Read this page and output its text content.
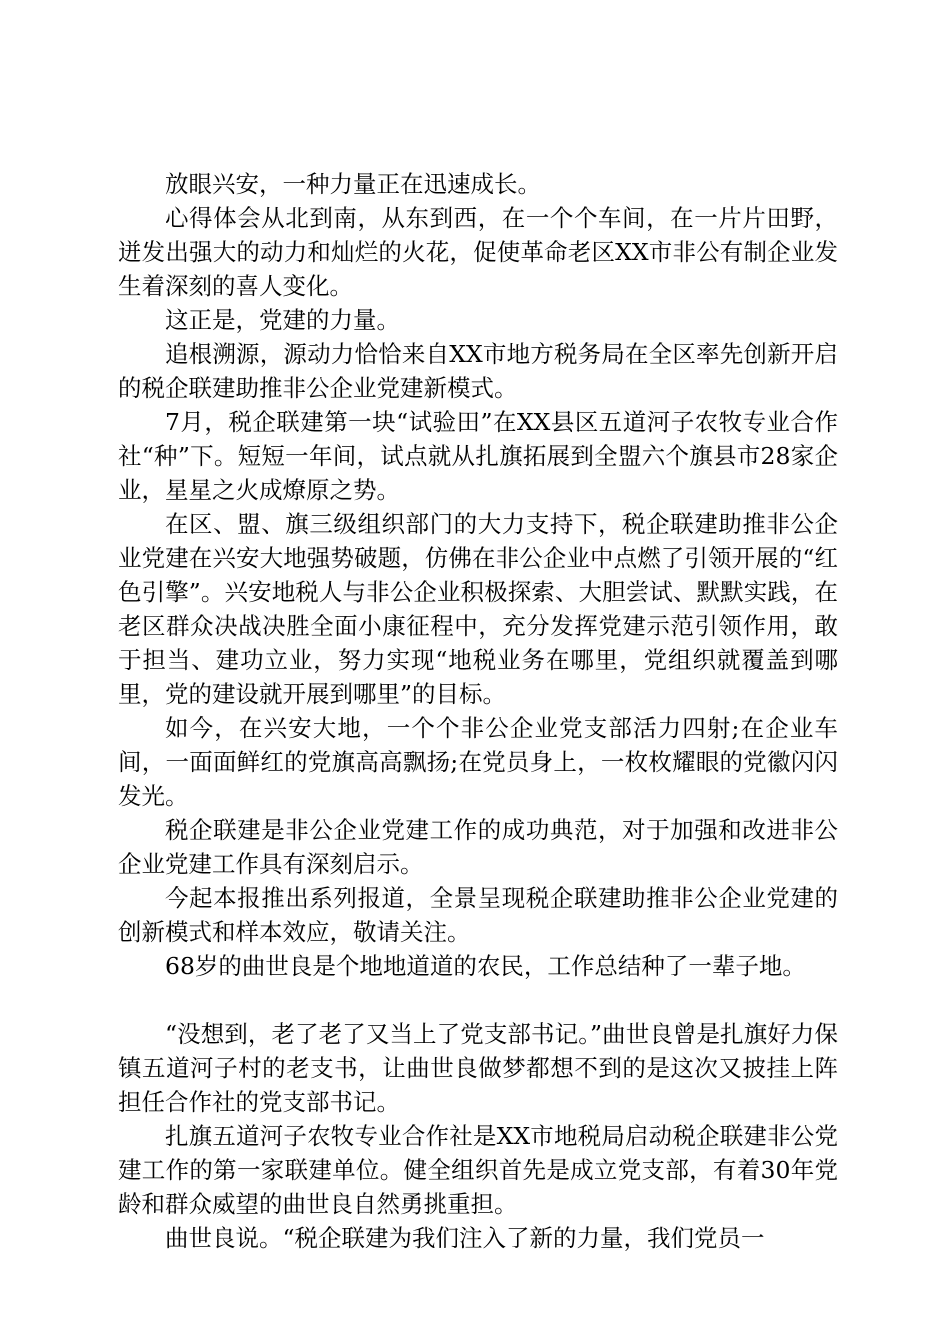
放眼兴安，一种力量正在迅速成长。

心得体会从北到南，从东到西，在一个个车间，在一片片田野，迸发出强大的动力和灿烂的火花，促使革命老区XX市非公有制企业发生着深刻的喜人变化。

这正是，党建的力量。

追根溯源，源动力恰恰来自XX市地方税务局在全区率先创新开启的税企联建助推非公企业党建新模式。

7月，税企联建第一块“试验田”在XX县区五道河子农牧专业合作社“种”下。短短一年间，试点就从扎旗拓展到全盟六个旗县市28家企业，星星之火成燎原之势。

在区、盟、旗三级组织部门的大力支持下，税企联建助推非公企业党建在兴安大地强势破题，仿佛在非公企业中点燃了引领开展的“红色引擎”。兴安地税人与非公企业积极探索、大胆尝试、默默实践，在老区群众决战决胜全面小康征程中，充分发挥党建示范引领作用，敢于担当、建功立业，努力实现“地税业务在哪里，党组织就覆盖到哪里，党的建设就开展到哪里”的目标。

如今，在兴安大地，一个个非公企业党支部活力四射;在企业车间，一面面鲜红的党旗高高飘扬;在党员身上，一枚枚耀眼的党徽闪闪发光。

税企联建是非公企业党建工作的成功典范，对于加强和改进非公企业党建工作具有深刻启示。

今起本报推出系列报道，全景呈现税企联建助推非公企业党建的创新模式和样本效应，敬请关注。

68岁的曲世良是个地地道道的农民，工作总结种了一辈子地。

“没想到，老了老了又当上了党支部书记。”曲世良曾是扎旗好力保镇五道河子村的老支书，让曲世良做梦都想不到的是这次又披挂上阵担任合作社的党支部书记。

扎旗五道河子农牧专业合作社是XX市地税局启动税企联建非公党建工作的第一家联建单位。健全组织首先是成立党支部，有着30年党龄和群众威望的曲世良自然勇挑重担。

曲世良说。“税企联建为我们注入了新的力量，我们党员一
